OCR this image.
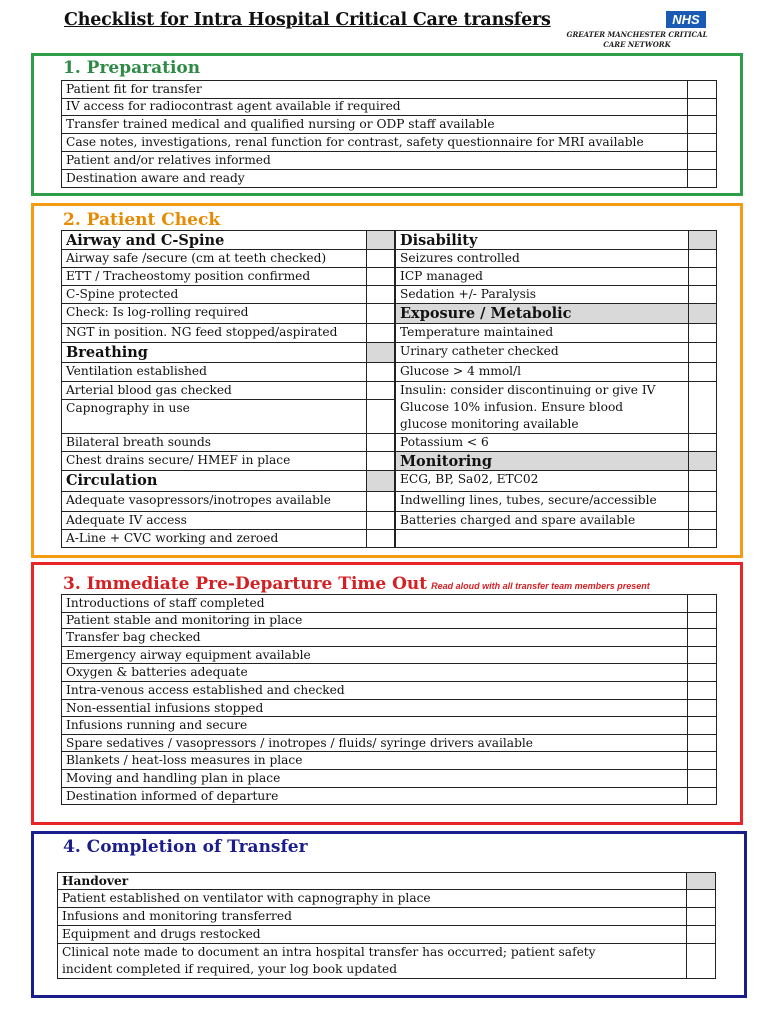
Checklist for Intra Hospital Critical Care transfers	NHS
GREATER MANCHESTER CRITICAL
CARE NETWORK
1. Preparation
Patient fit for transfer
IV access for radiocontrast agent available if required
Transfer trained medical and qualified nursing or ODP staff available
Case notes, investigations, renal function for contrast, safety questionnaire for MRI available
Patient and/or relatives informed
Destination aware and ready
2. Patient Check
Airway and C-Spine
Airway safe /secure (cm at teeth checked)
ETT / Tracheostomy position confirmed
C-Spine protected
Check: Is log-rolling required
NGT in position. NG feed stopped/aspirated
Breathing
Ventilation established
Arterial blood gas checked
Capnography in use
Bilateral breath sounds
Chest drains secure/ HMEF in place
Circulation
Adequate vasopressors/inotropes available
Adequate IV access
A-Line + CVC working and zeroed
Disability
Seizures controlled
ICP managed
Sedation +/- Paralysis
Exposure / Metabolic
Temperature maintained
Urinary catheter checked
Glucose > 4 mmol/l
Insulin: consider discontinuing or give IV
Glucose 10% infusion. Ensure blood
glucose monitoring available
Potassium < 6
Monitoring
ECG, BP, Sa02, ETC02
Indwelling lines, tubes, secure/accessible
Batteries charged and spare available
3. Immediate Pre-Departure Time Out Read aloud with all transfer team members present
Introductions of staff completed
Patient stable and monitoring in place
Transfer bag checked
Emergency airway equipment available
Oxygen & batteries adequate
Intra-venous access established and checked
Non-essential infusions stopped
Infusions running and secure
Spare sedatives / vasopressors / inotropes / fluids/ syringe drivers available
Blankets / heat-loss measures in place
Moving and handling plan in place
Destination informed of departure
4. Completion of Transfer
Handover
Patient established on ventilator with capnography in place
Infusions and monitoring transferred
Equipment and drugs restocked
Clinical note made to document an intra hospital transfer has occurred; patient safety
incident completed if required, your log book updated
